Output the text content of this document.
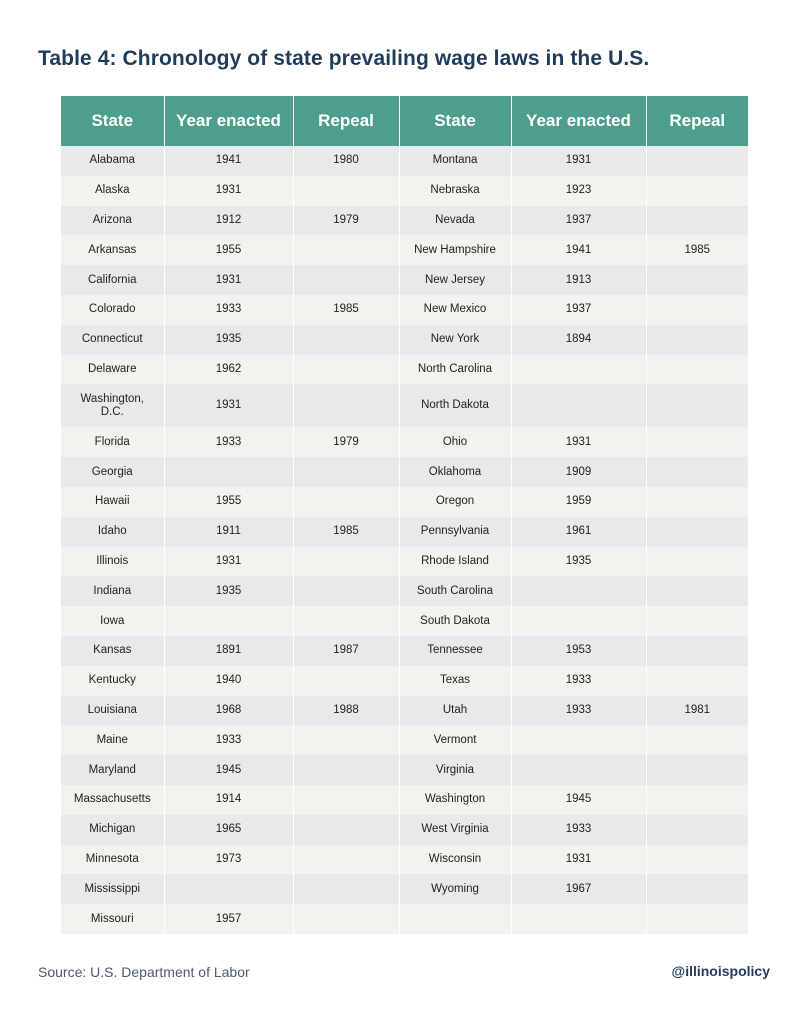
Table 4: Chronology of state prevailing wage laws in the U.S.
State	Year enacted	Repeal	State	Year enacted	Repeal
Alabama	1941	1980	Montana	1931	
Alaska	1931		Nebraska	1923	
Arizona	1912	1979	Nevada	1937	
Arkansas	1955		New Hampshire	1941	1985
California	1931		New Jersey	1913	
Colorado	1933	1985	New Mexico	1937	
Connecticut	1935		New York	1894	
Delaware	1962		North Carolina		
Washington,
D.C.	1931		North Dakota		
Florida	1933	1979	Ohio	1931	
Georgia			Oklahoma	1909	
Hawaii	1955		Oregon	1959	
Idaho	1911	1985	Pennsylvania	1961	
Illinois	1931		Rhode Island	1935	
Indiana	1935		South Carolina		
Iowa			South Dakota		
Kansas	1891	1987	Tennessee	1953	
Kentucky	1940		Texas	1933	
Louisiana	1968	1988	Utah	1933	1981
Maine	1933		Vermont		
Maryland	1945		Virginia		
Massachusetts	1914		Washington	1945	
Michigan	1965		West Virginia	1933	
Minnesota	1973		Wisconsin	1931	
Mississippi			Wyoming	1967	
Missouri	1957				
Source: U.S. Department of Labor	@illinoispolicy
